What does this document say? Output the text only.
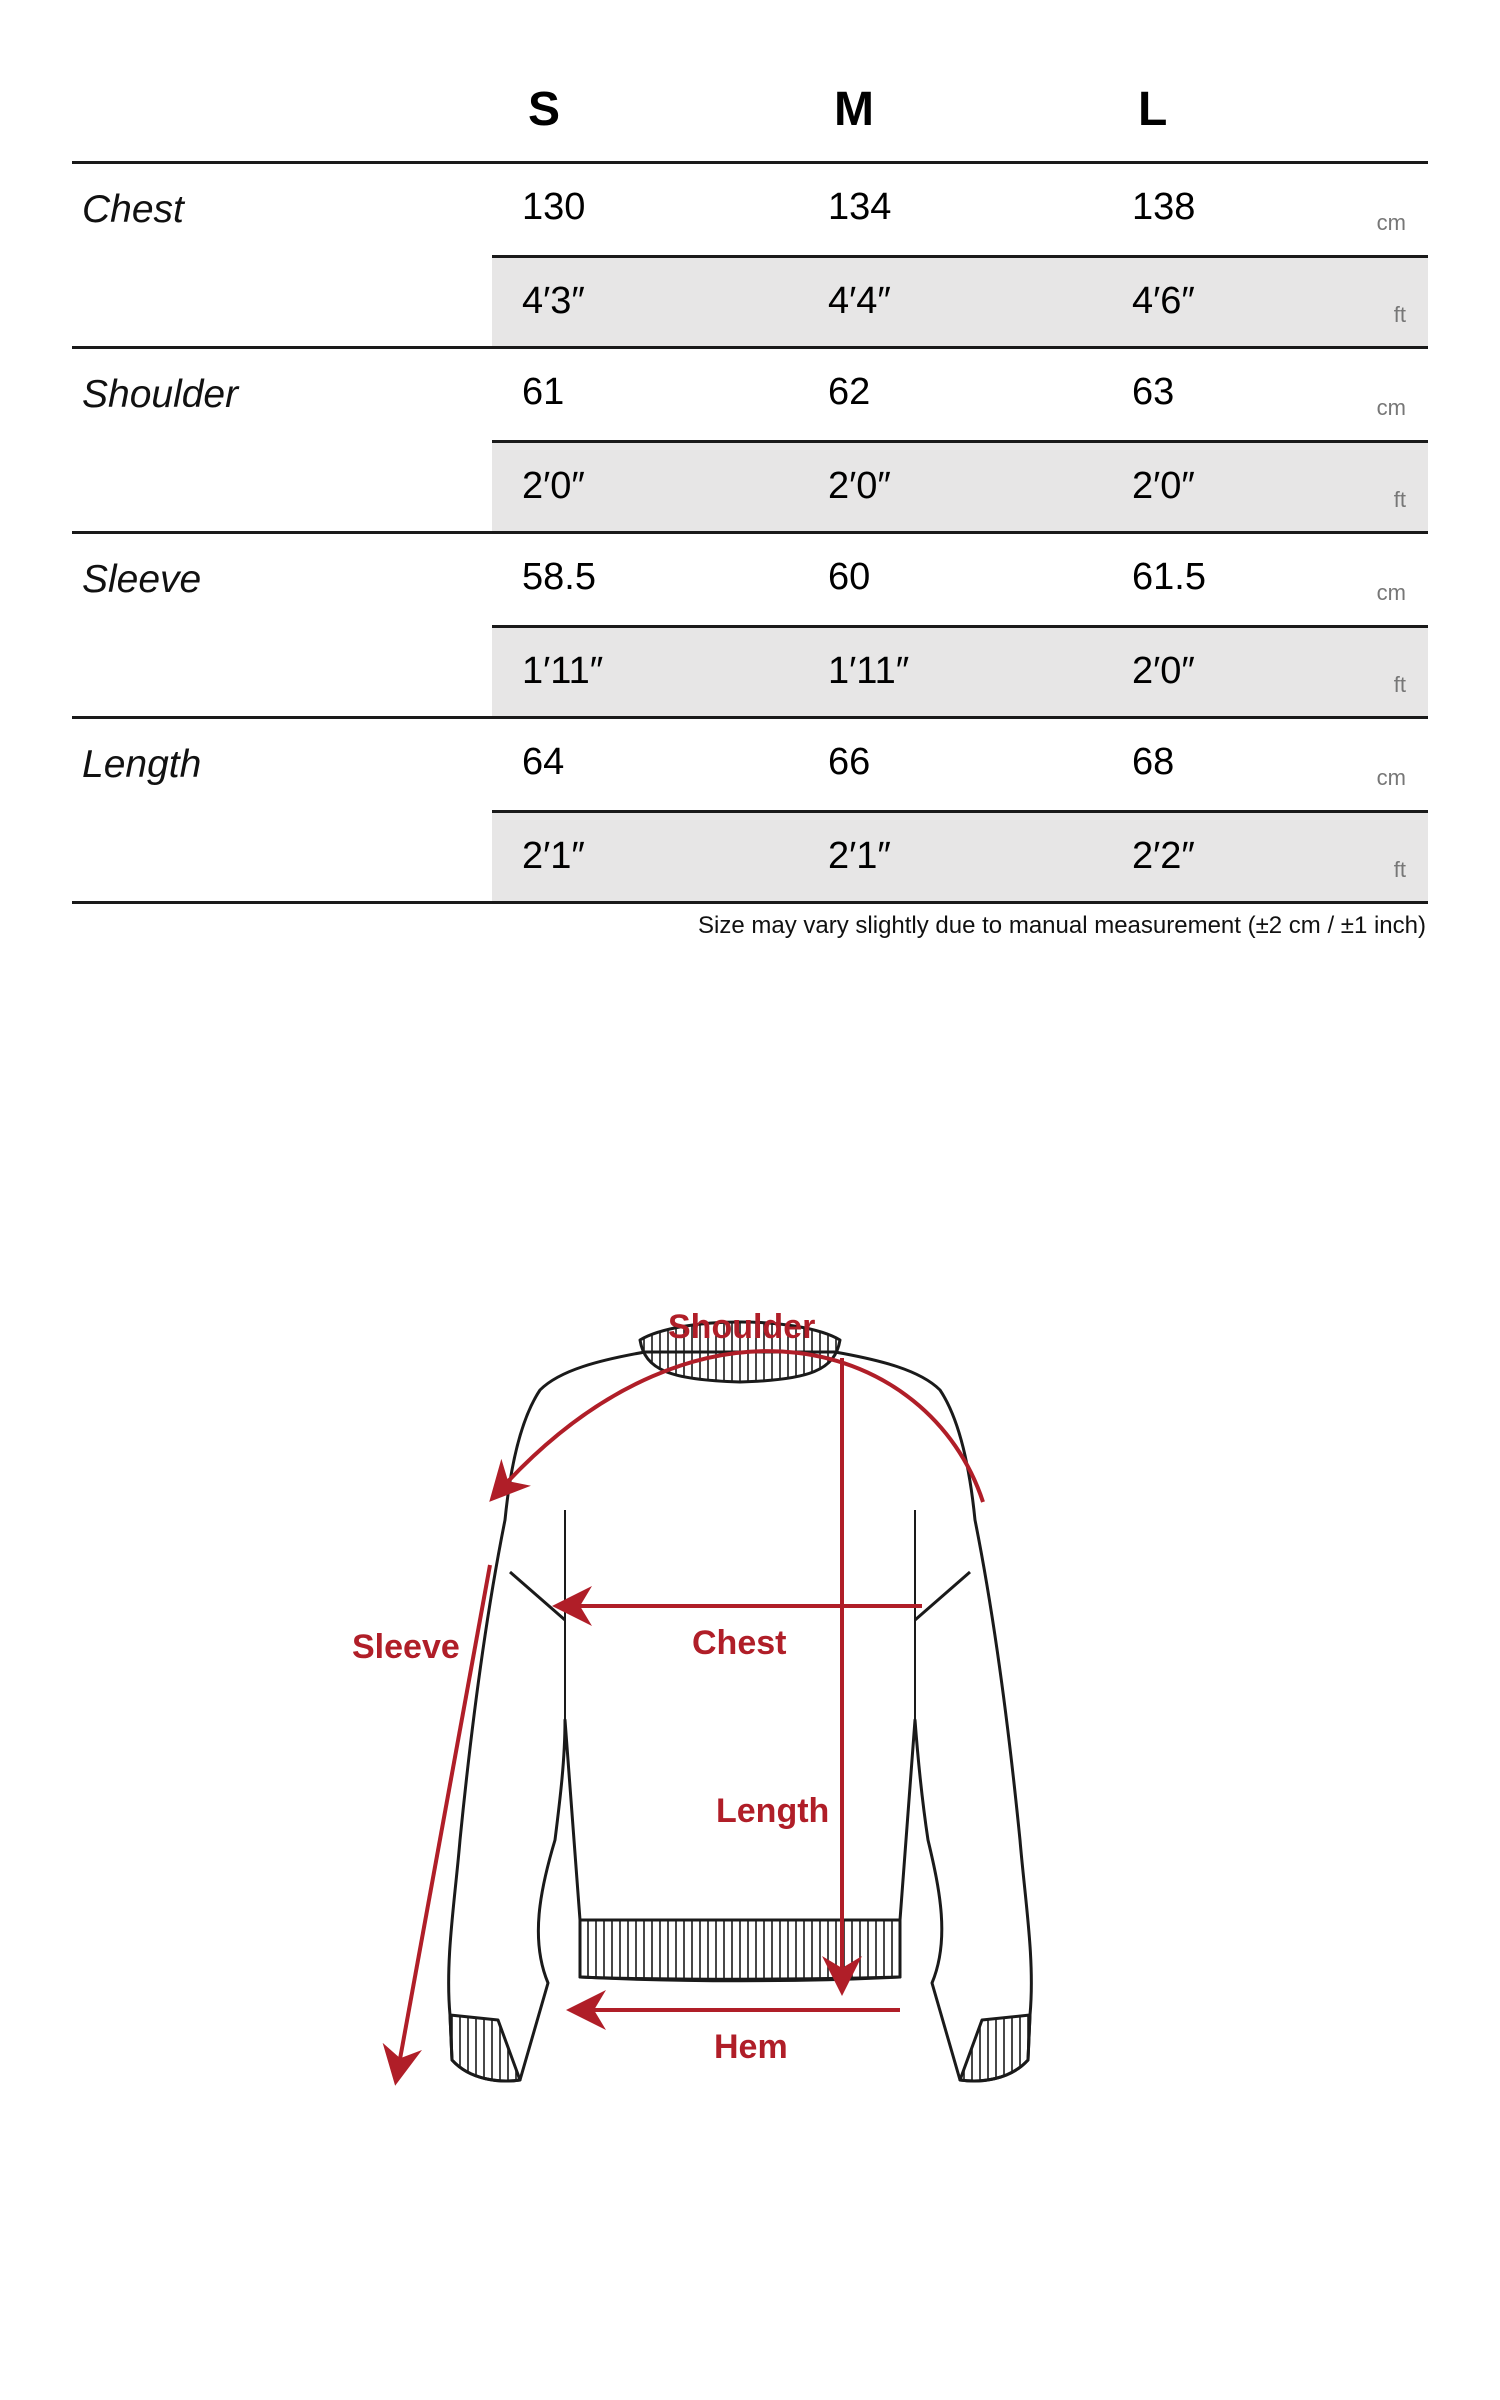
S	M	L
Chest	130	134	138	cm
4′3″	4′4″	4′6″	ft
Shoulder	61	62	63	cm
2′0″	2′0″	2′0″	ft
Sleeve	58.5	60	61.5	cm
1′11″	1′11″	2′0″	ft
Length	64	66	68	cm
2′1″	2′1″	2′2″	ft
Size may vary slightly due to manual measurement (±2 cm / ±1 inch)
Shoulder
Sleeve	Chest
Length
Hem
